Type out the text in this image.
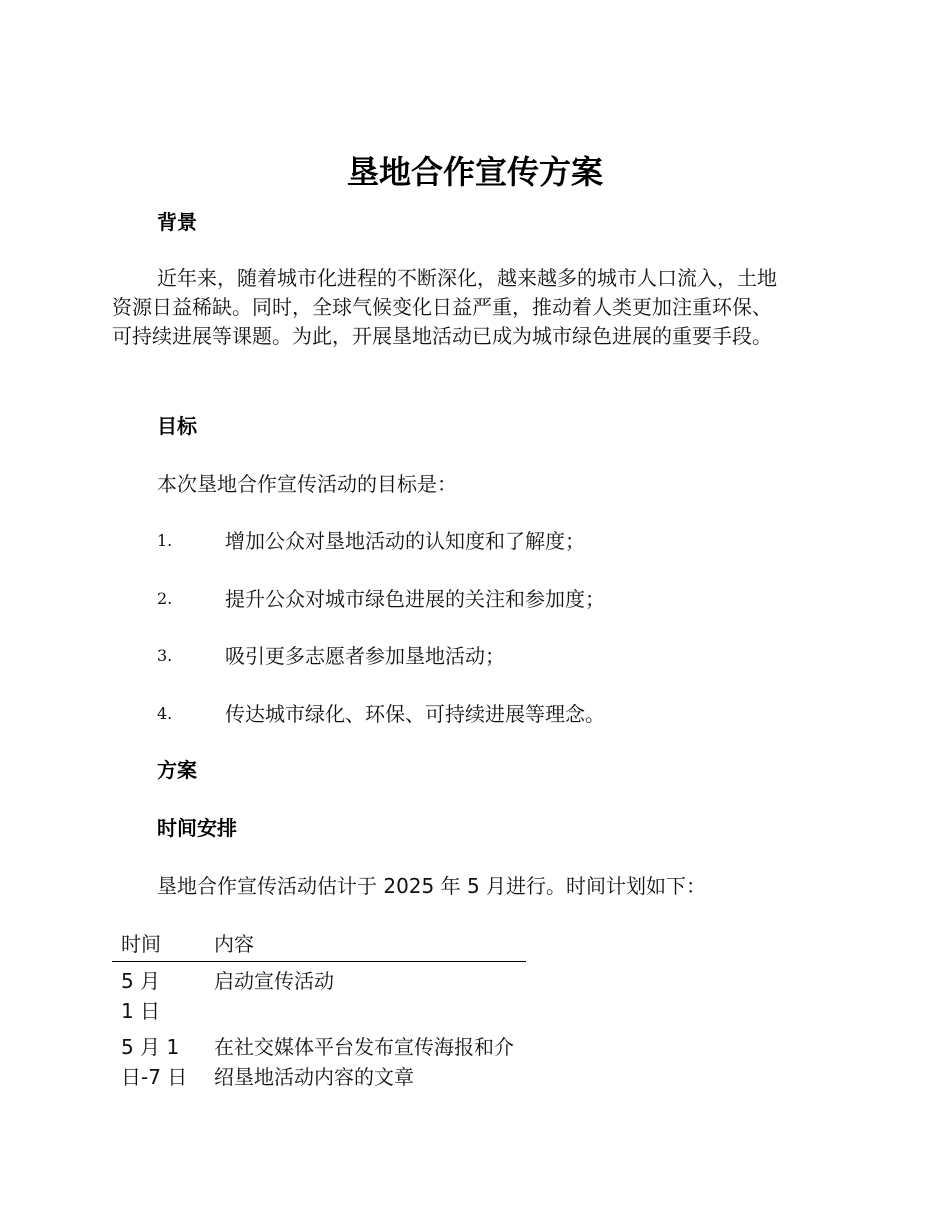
垦地合作宣传方案
背景
近年来，随着城市化进程的不断深化，越来越多的城市人口流入，土地
资源日益稀缺。同时，全球气候变化日益严重，推动着人类更加注重环保、
可持续进展等课题。为此，开展垦地活动已成为城市绿色进展的重要手段。
目标
本次垦地合作宣传活动的目标是：
1.	增加公众对垦地活动的认知度和了解度；
2.	提升公众对城市绿色进展的关注和参加度；
3.	吸引更多志愿者参加垦地活动；
4.	传达城市绿化、环保、可持续进展等理念。
方案
时间安排
垦地合作宣传活动估计于 2025 年 5 月进行。时间计划如下：
时间	内容

5 月 1 日	启动宣传活动

5 月 1 日-7 日	在社交媒体平台发布宣传海报和介绍垦地活动内容的文章
